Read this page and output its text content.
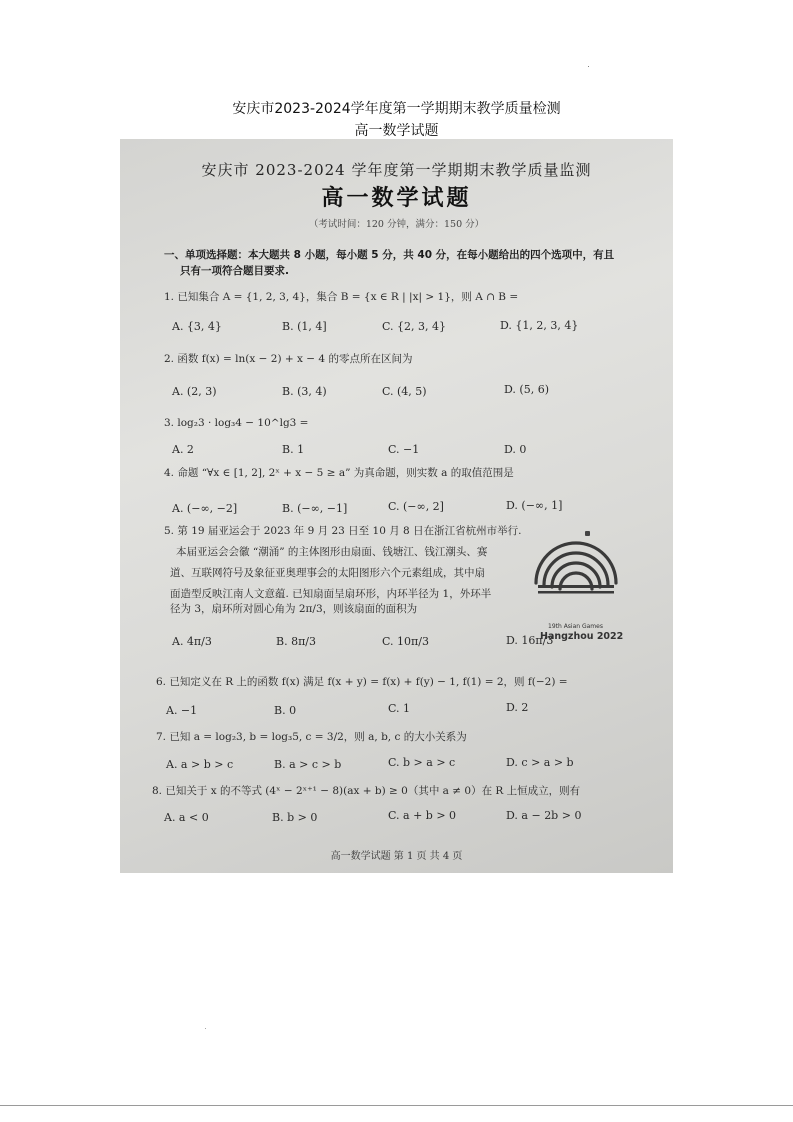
安庆市2023-2024学年度第一学期期末教学质量检测
高一数学试题
安庆市 2023-2024 学年度第一学期期末教学质量监测
高一数学试题
（考试时间：120 分钟，满分：150 分）
一、单项选择题：本大题共 8 小题，每小题 5 分，共 40 分，在每小题给出的四个选项中，有且
只有一项符合题目要求.
1. 已知集合 A = {1, 2, 3, 4}，集合 B = {x ∈ R | |x| > 1}，则 A ∩ B =
A. {3, 4}	B. (1, 4]	C. {2, 3, 4}	D. {1, 2, 3, 4}
2. 函数 f(x) = ln(x − 2) + x − 4 的零点所在区间为
A. (2, 3)	B. (3, 4)	C. (4, 5)	D. (5, 6)
3. log₂3 · log₃4 − 10^lg3 =
A. 2	B. 1	C. −1	D. 0
4. 命题 “∀x ∈ [1, 2], 2ˣ + x − 5 ≥ a” 为真命题，则实数 a 的取值范围是
A. (−∞, −2]	B. (−∞, −1]	C. (−∞, 2]	D. (−∞, 1]
5. 第 19 届亚运会于 2023 年 9 月 23 日至 10 月 8 日在浙江省杭州市举行.
本届亚运会会徽 “潮涌” 的主体图形由扇面、钱塘江、钱江潮头、赛
道、互联网符号及象征亚奥理事会的太阳图形六个元素组成，其中扇
面造型反映江南人文意蕴. 已知扇面呈扇环形，内环半径为 1，外环半
径为 3，扇环所对圆心角为 2π/3，则该扇面的面积为
A. 4π/3	B. 8π/3	C. 10π/3	D. 16π/3
19th Asian Games
Hangzhou 2022
6. 已知定义在 R 上的函数 f(x) 满足 f(x + y) = f(x) + f(y) − 1, f(1) = 2，则 f(−2) =
A. −1	B. 0	C. 1	D. 2
7. 已知 a = log₂3, b = log₃5, c = 3/2，则 a, b, c 的大小关系为
A. a > b > c	B. a > c > b	C. b > a > c	D. c > a > b
8. 已知关于 x 的不等式 (4ˣ − 2ˣ⁺¹ − 8)(ax + b) ≥ 0（其中 a ≠ 0）在 R 上恒成立，则有
A. a < 0	B. b > 0	C. a + b > 0	D. a − 2b > 0
高一数学试题 第 1 页 共 4 页
